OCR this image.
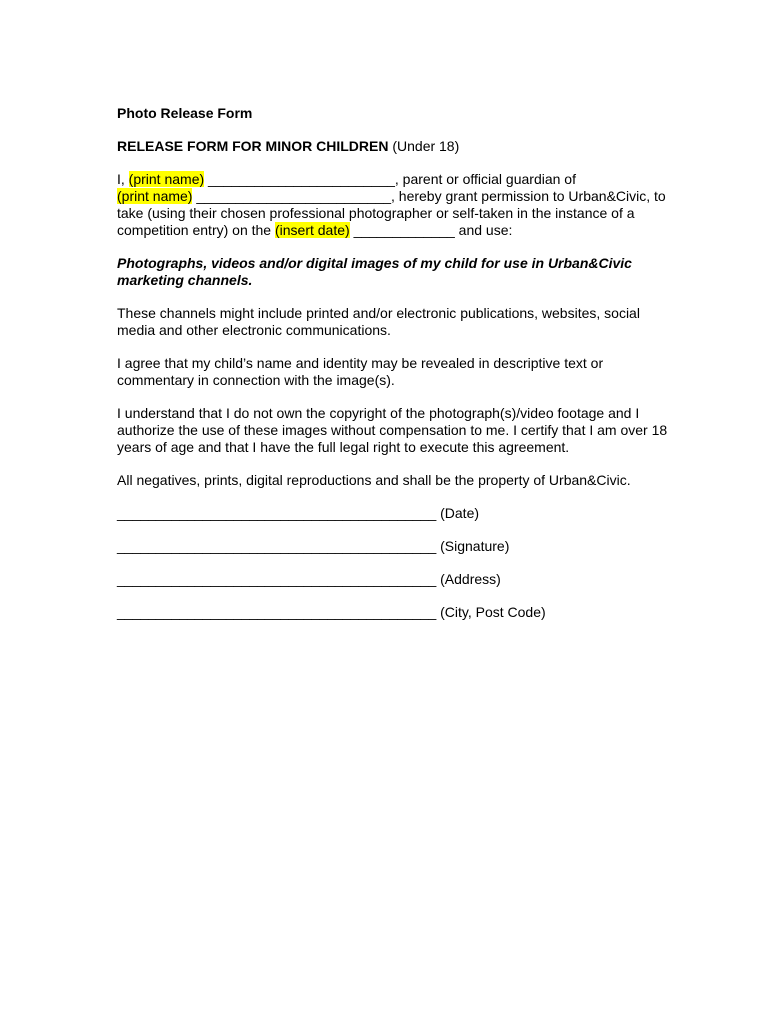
Photo Release Form
RELEASE FORM FOR MINOR CHILDREN (Under 18)

I, (print name) ________________________, parent or official guardian of
(print name) _________________________, hereby grant permission to Urban&Civic, to take (using their chosen professional photographer or self-taken in the instance of a competition entry) on the (insert date) _____________ and use:

Photographs, videos and/or digital images of my child for use in Urban&Civic marketing channels.

These channels might include printed and/or electronic publications, websites, social media and other electronic communications.

I agree that my child’s name and identity may be revealed in descriptive text or commentary in connection with the image(s).

I understand that I do not own the copyright of the photograph(s)/video footage and I authorize the use of these images without compensation to me. I certify that I am over 18 years of age and that I have the full legal right to execute this agreement.

All negatives, prints, digital reproductions and shall be the property of Urban&Civic.

_________________________________________ (Date)
_________________________________________ (Signature)
_________________________________________ (Address)
_________________________________________ (City, Post Code)
